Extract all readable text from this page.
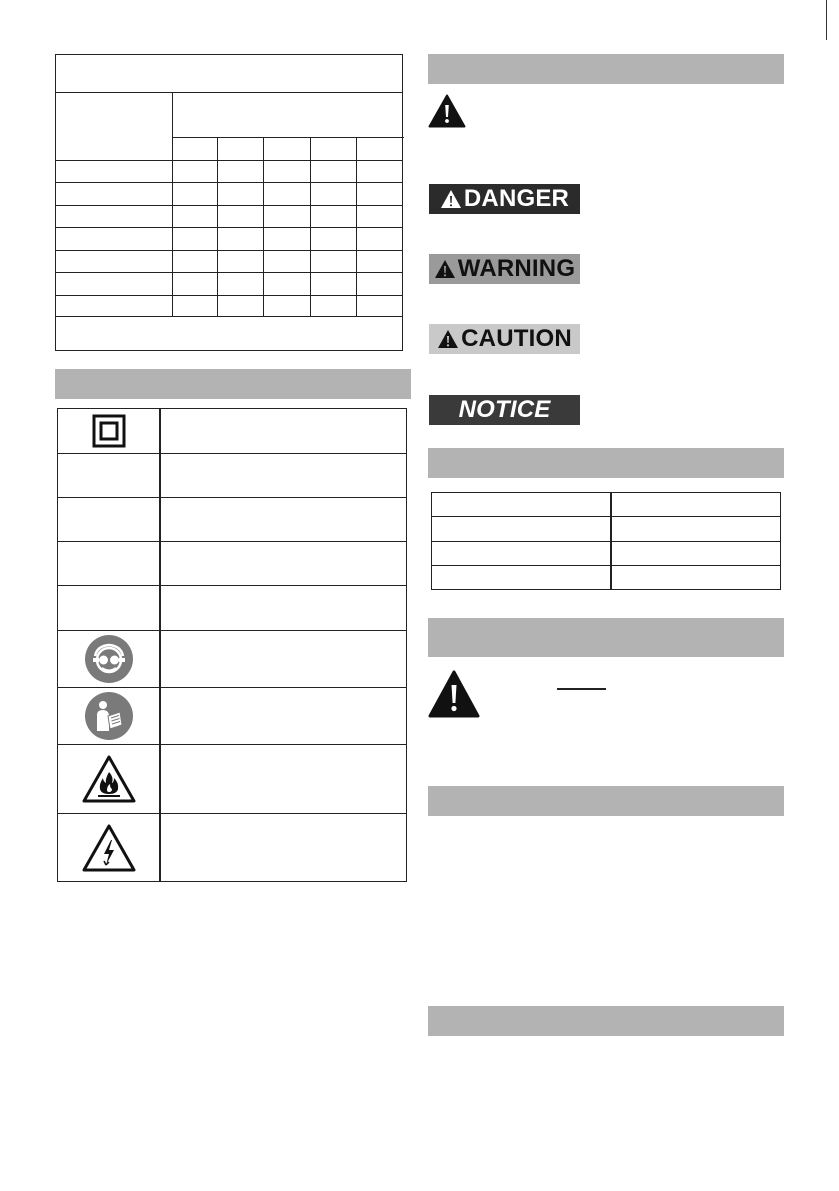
DANGER
WARNING
CAUTION
NOTICE
